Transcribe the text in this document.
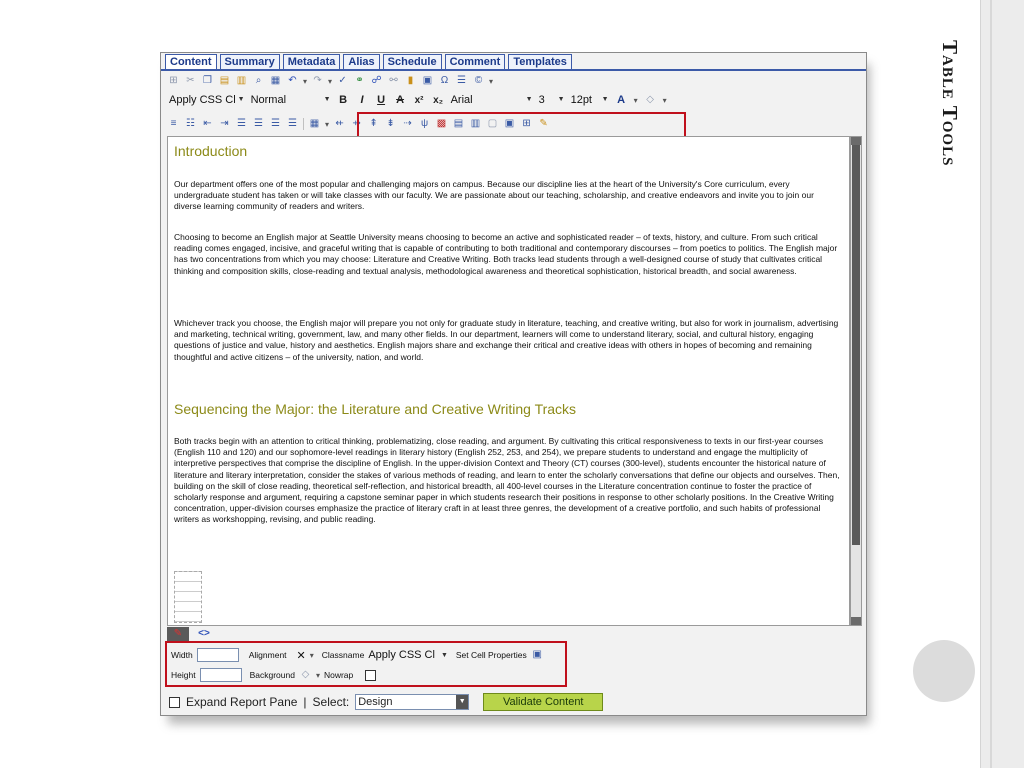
Table Tools
Content	Summary	Metadata	Alias	Schedule	Comment	Templates
⊞ ✂ ❐ ▤ ▥ ⌕ ▦ ↶ ▾ ↷ ▾ ✓ ⚭ ☍ ⚯	▮ ▣ Ω ☰ © ▾
Apply CSS Cl ▼ Normal	▼ B	I	U A x² x₂ Arial	▼ 3 ▼ 12pt ▼ A	▾ ◇	▾
≡ ☷ ⇤ ⇥ ☰ ☰ ☰ ☰ ▦ ▾ ⇷ ⇸ ⇞ ⇟ ⇢ ψ ▩ ▤ ▥ ▢ ▣ ⊞ ✎
Introduction

Our department offers one of the most popular and challenging majors on campus. Because our discipline lies at the heart of the University's Core curriculum, every undergraduate student has taken or will take classes with our faculty. We are passionate about our teaching, scholarship, and creative endeavors and invite you to join our diverse learning community of readers and writers.

Choosing to become an English major at Seattle University means choosing to become an active and sophisticated reader – of texts, history, and culture. From such critical reading comes engaged, incisive, and graceful writing that is capable of contributing to both traditional and contemporary discourses – from poetics to politics. The English major has two concentrations from which you may choose: Literature and Creative Writing. Both tracks lead students through a well-designed course of study that cultivates critical thinking and composition skills, close-reading and textual analysis, methodological awareness and theoretical sophistication, historical breadth, and social awareness.

Whichever track you choose, the English major will prepare you not only for graduate study in literature, teaching, and creative writing, but also for work in journalism, advertising and marketing, technical writing, government, law, and many other fields. In our department, learners will come to understand literary, social, and cultural history, engaging questions of justice and value, history and aesthetics. English majors share and exchange their critical and creative ideas with others in hopes of becoming and remaining thoughtful and active citizens – of the university, nation, and world.

Sequencing the Major: the Literature and Creative Writing Tracks

Both tracks begin with an attention to critical thinking, problematizing, close reading, and argument. By cultivating this critical responsiveness to texts in our first-year courses (English 110 and 120) and our sophomore-level readings in literary history (English 252, 253, and 254), we prepare students to understand and engage the multiplicity of interpretive perspectives that comprise the discipline of English. In the upper-division Context and Theory (CT) courses (300-level), students encounter the historical nature of literature and literary interpretation, consider the stakes of various methods of reading, and learn to enter the scholarly conversations that define our objects and ourselves. Then, building on the skill of close reading, theoretical self-reflection, and historical breadth, all 400-level courses in the Literature concentration continue to foster the practice of scholarly response and argument, requiring a capstone seminar paper in which students research their positions in response to other scholarly positions. In the Creative Writing concentration, upper-division courses emphasize the practice of literary craft in at least three genres, the development of a creative portfolio, and such habits of professional writers as workshopping, revising, and public reading.

✎	<>
Width	Alignment ✕ ▾ Classname Apply CSS Cl ▼ Set Cell Properties ▣
Height	Background ◇ ▾ Nowrap
Expand Report Pane | Select: Design	▼	Validate Content
